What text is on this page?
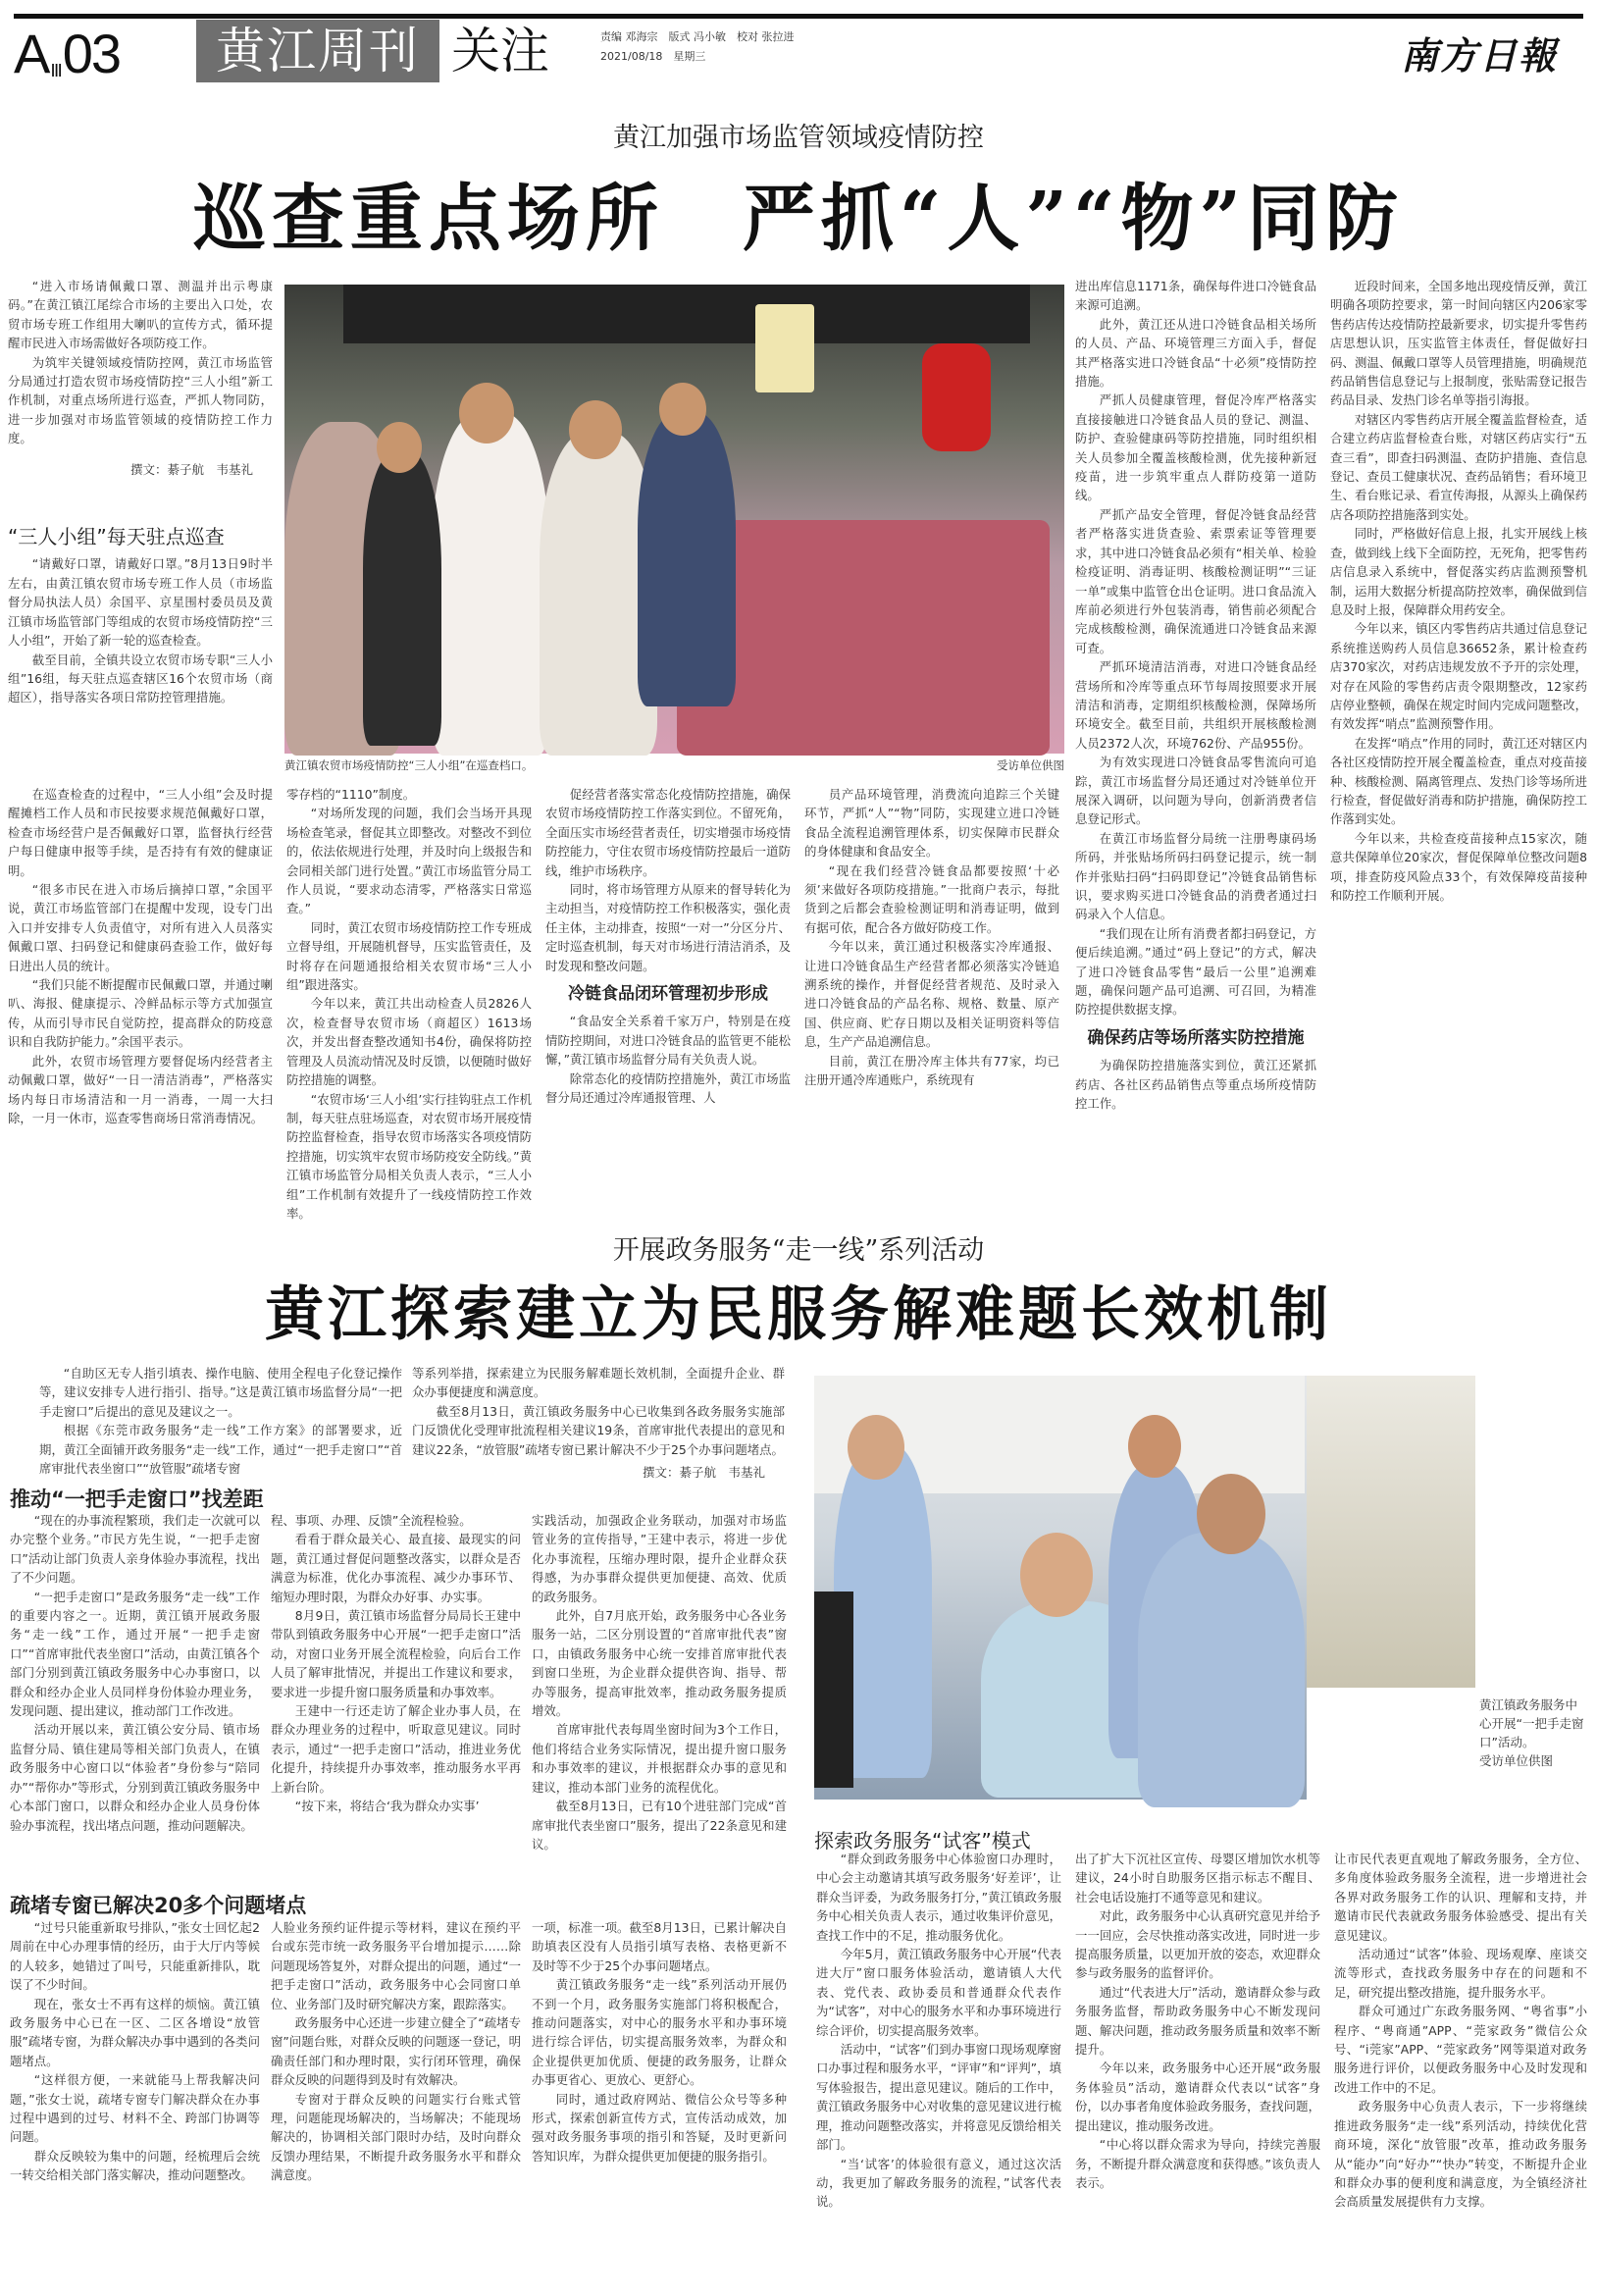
A Ⅲ03	黄江周刊 关注	责编 邓海宗　版式 冯小敏　校对 张拉进
2021/08/18　星期三	南方日報
黄江加强市场监管领域疫情防控
巡查重点场所　严抓“人”“物”同防

“进入市场请佩戴口罩、测温并出示粤康码。”在黄江镇江尾综合市场的主要出入口处，农贸市场专班工作组用大喇叭的宣传方式，循环提醒市民进入市场需做好各项防疫工作。

为筑牢关键领域疫情防控网，黄江市场监管分局通过打造农贸市场疫情防控“三人小组”新工作机制，对重点场所进行巡查，严抓人物同防，进一步加强对市场监管领域的疫情防控工作力度。

撰文：綦子航　韦基礼
“三人小组”每天驻点巡查

“请戴好口罩，请戴好口罩。”8月13日9时半左右，由黄江镇农贸市场专班工作人员（市场监督分局执法人员）余国平、京星围村委员员及黄江镇市场监管部门等组成的农贸市场疫情防控“三人小组”，开始了新一轮的巡查检查。

截至目前，全镇共设立农贸市场专职“三人小组”16组，每天驻点巡查辖区16个农贸市场（商超区），指导落实各项日常防控管理措施。

黄江镇农贸市场疫情防控“三人小组”在巡查档口。	受访单位供图

在巡查检查的过程中，“三人小组”会及时提醒摊档工作人员和市民按要求规范佩戴好口罩，检查市场经营户是否佩戴好口罩，监督执行经营户每日健康申报等手续，是否持有有效的健康证明。

“很多市民在进入市场后摘掉口罩，”余国平说，黄江市场监管部门在提醒中发现，设专门出入口并安排专人负责值守，对所有进入人员落实佩戴口罩、扫码登记和健康码查验工作，做好每日进出人员的统计。

“我们只能不断提醒市民佩戴口罩，并通过喇叭、海报、健康提示、冷鲜品标示等方式加强宣传，从而引导市民自觉防控，提高群众的防疫意识和自我防护能力。”余国平表示。

此外，农贸市场管理方要督促场内经营者主动佩戴口罩，做好“一日一清洁消毒”，严格落实场内每日市场清洁和一月一消毒，一周一大扫除，一月一休市，巡查零售商场日常消毒情况。

零存档的“1110”制度。

“对场所发现的问题，我们会当场开具现场检查笔录，督促其立即整改。对整改不到位的，依法依规进行处理，并及时向上级报告和会同相关部门进行处置。”黄江市场监管分局工作人员说，“要求动态清零，严格落实日常巡查。”

同时，黄江农贸市场疫情防控工作专班成立督导组，开展随机督导，压实监管责任，及时将存在问题通报给相关农贸市场“三人小组”跟进落实。

今年以来，黄江共出动检查人员2826人次，检查督导农贸市场（商超区）1613场次，并发出督查整改通知书4份，确保将防控管理及人员流动情况及时反馈，以便随时做好防控措施的调整。

“农贸市场‘三人小组’实行挂钩驻点工作机制，每天驻点驻场巡查，对农贸市场开展疫情防控监督检查，指导农贸市场落实各项疫情防控措施，切实筑牢农贸市场防疫安全防线。”黄江镇市场监管分局相关负责人表示，“三人小组”工作机制有效提升了一线疫情防控工作效率。

促经营者落实常态化疫情防控措施，确保农贸市场疫情防控工作落实到位。不留死角，全面压实市场经营者责任，切实增强市场疫情防控能力，守住农贸市场疫情防控最后一道防线，维护市场秩序。

同时，将市场管理方从原来的督导转化为主动担当，对疫情防控工作积极落实，强化责任主体，主动排查，按照“一对一”分区分片、定时巡查机制，每天对市场进行清洁消杀，及时发现和整改问题。

冷链食品闭环管理初步形成

“食品安全关系着千家万户，特别是在疫情防控期间，对进口冷链食品的监管更不能松懈，”黄江镇市场监督分局有关负责人说。

除常态化的疫情防控措施外，黄江市场监督分局还通过冷库通报管理、人

员产品环境管理，消费流向追踪三个关键环节，严抓“人”“物”同防，实现建立进口冷链食品全流程追溯管理体系，切实保障市民群众的身体健康和食品安全。

“现在我们经营冷链食品都要按照‘十必须’来做好各项防疫措施。”一批商户表示，每批货到之后都会查验检测证明和消毒证明，做到有据可依，配合各方做好防疫工作。

今年以来，黄江通过积极落实冷库通报、让进口冷链食品生产经营者都必须落实冷链追溯系统的操作，并督促经营者规范、及时录入进口冷链食品的产品名称、规格、数量、原产国、供应商、贮存日期以及相关证明资料等信息，生产产品追溯信息。

目前，黄江在册冷库主体共有77家，均已注册开通冷库通账户，系统现有

进出库信息1171条，确保每件进口冷链食品来源可追溯。

此外，黄江还从进口冷链食品相关场所的人员、产品、环境管理三方面入手，督促其严格落实进口冷链食品“十必须”疫情防控措施。

严抓人员健康管理，督促冷库严格落实直接接触进口冷链食品人员的登记、测温、防护、查验健康码等防控措施，同时组织相关人员参加全覆盖核酸检测，优先接种新冠疫苗，进一步筑牢重点人群防疫第一道防线。

严抓产品安全管理，督促冷链食品经营者严格落实进货查验、索票索证等管理要求，其中进口冷链食品必须有“相关单、检验检疫证明、消毒证明、核酸检测证明”“三证一单”或集中监管仓出仓证明。进口食品流入库前必须进行外包装消毒，销售前必须配合完成核酸检测，确保流通进口冷链食品来源可查。

严抓环境清洁消毒，对进口冷链食品经营场所和冷库等重点环节每周按照要求开展清洁和消毒，定期组织核酸检测，保障场所环境安全。截至目前，共组织开展核酸检测人员2372人次，环境762份、产品955份。

为有效实现进口冷链食品零售流向可追踪，黄江市场监督分局还通过对冷链单位开展深入调研，以问题为导向，创新消费者信息登记形式。

在黄江市场监督分局统一注册粤康码场所码，并张贴场所码扫码登记提示，统一制作并张贴扫码“扫码即登记”冷链食品销售标识，要求购买进口冷链食品的消费者通过扫码录入个人信息。

“我们现在让所有消费者都扫码登记，方便后续追溯。”通过“码上登记”的方式，解决了进口冷链食品零售“最后一公里”追溯难题，确保问题产品可追溯、可召回，为精准防控提供数据支撑。

确保药店等场所落实防控措施

为确保防控措施落实到位，黄江还紧抓药店、各社区药品销售点等重点场所疫情防控工作。

近段时间来，全国多地出现疫情反弹，黄江明确各项防控要求，第一时间向辖区内206家零售药店传达疫情防控最新要求，切实提升零售药店思想认识，压实监管主体责任，督促做好扫码、测温、佩戴口罩等人员管理措施，明确规范药品销售信息登记与上报制度，张贴需登记报告药品目录、发热门诊名单等指引海报。

对辖区内零售药店开展全覆盖监督检查，适合建立药店监督检查台账，对辖区药店实行“五查三看”，即查扫码测温、查防护措施、查信息登记、查员工健康状况、查药品销售；看环境卫生、看台账记录、看宣传海报，从源头上确保药店各项防控措施落到实处。

同时，严格做好信息上报，扎实开展线上核查，做到线上线下全面防控，无死角，把零售药店信息录入系统中，督促落实药店监测预警机制，运用大数据分析提高防控效率，确保做到信息及时上报，保障群众用药安全。

今年以来，镇区内零售药店共通过信息登记系统推送购药人员信息36652条，累计检查药店370家次，对药店违规发放不予开的宗处理，对存在风险的零售药店责令限期整改，12家药店停业整顿，确保在规定时间内完成问题整改，有效发挥“哨点”监测预警作用。

在发挥“哨点”作用的同时，黄江还对辖区内各社区疫情防控开展全覆盖检查，重点对疫苗接种、核酸检测、隔离管理点、发热门诊等场所进行检查，督促做好消毒和防护措施，确保防控工作落到实处。

今年以来，共检查疫苗接种点15家次，随意共保障单位20家次，督促保障单位整改问题8项，排查防疫风险点33个，有效保障疫苗接种和防控工作顺利开展。

开展政务服务“走一线”系列活动
黄江探索建立为民服务解难题长效机制

“自助区无专人指引填表、操作电脑、使用全程电子化登记操作等，建议安排专人进行指引、指导。”这是黄江镇市场监督分局“一把手走窗口”后提出的意见及建议之一。

根据《东莞市政务服务“走一线”工作方案》的部署要求，近期，黄江全面铺开政务服务“走一线”工作，通过“一把手走窗口”“首席审批代表坐窗口”“放管服”疏堵专窗

等系列举措，探索建立为民服务解难题长效机制，全面提升企业、群众办事便捷度和满意度。

截至8月13日，黄江镇政务服务中心已收集到各政务服务实施部门反馈优化受理审批流程相关建议19条，首席审批代表提出的意见和建议22条，“放管服”疏堵专窗已累计解决不少于25个办事问题堵点。

撰文：綦子航　韦基礼
推动“一把手走窗口”找差距
黄江镇政务服务中心开展“一把手走窗口”活动。
受访单位供图

“现在的办事流程繁琐，我们走一次就可以办完整个业务。”市民方先生说，“一把手走窗口”活动让部门负责人亲身体验办事流程，找出了不少问题。

“一把手走窗口”是政务服务“走一线”工作的重要内容之一。近期，黄江镇开展政务服务“走一线”工作，通过开展“一把手走窗口”“首席审批代表坐窗口”活动，由黄江镇各个部门分别到黄江镇政务服务中心办事窗口，以群众和经办企业人员同样身份体验办理业务，发现问题、提出建议，推动部门工作改进。

活动开展以来，黄江镇公安分局、镇市场监督分局、镇住建局等相关部门负责人，在镇政务服务中心窗口以“体验者”身份参与“陪同办”“帮你办”等形式，分别到黄江镇政务服务中心本部门窗口，以群众和经办企业人员身份体验办事流程，找出堵点问题，推动问题解决。

程、事项、办理、反馈”全流程检验。

看看于群众最关心、最直接、最现实的问题，黄江通过督促问题整改落实，以群众是否满意为标准，优化办事流程、减少办事环节、缩短办理时限，为群众办好事、办实事。

8月9日，黄江镇市场监督分局局长王建中带队到镇政务服务中心开展“一把手走窗口”活动，对窗口业务开展全流程检验，向后台工作人员了解审批情况，并提出工作建议和要求，要求进一步提升窗口服务质量和办事效率。

王建中一行还走访了解企业办事人员，在群众办理业务的过程中，听取意见建议。同时表示，通过“一把手走窗口”活动，推进业务优化提升，持续提升办事效率，推动服务水平再上新台阶。

“按下来，将结合‘我为群众办实事’

实践活动，加强政企业务联动，加强对市场监管业务的宣传指导，”王建中表示，将进一步优化办事流程，压缩办理时限，提升企业群众获得感，为办事群众提供更加便捷、高效、优质的政务服务。

此外，自7月底开始，政务服务中心各业务服务一站，二区分別设置的“首席审批代表”窗口，由镇政务服务中心统一安排首席审批代表到窗口坐班，为企业群众提供咨询、指导、帮办等服务，提高审批效率，推动政务服务提质增效。

首席审批代表每周坐窗时间为3个工作日，他们将结合业务实际情况，提出提升窗口服务和办事效率的建议，并根据群众办事的意见和建议，推动本部门业务的流程优化。

截至8月13日，已有10个进驻部门完成“首席审批代表坐窗口”服务，提出了22条意见和建议。

疏堵专窗已解决20多个问题堵点

“过号只能重新取号排队，”张女士回忆起2周前在中心办理事情的经历，由于大厅内等候的人较多，她错过了叫号，只能重新排队，耽误了不少时间。

现在，张女士不再有这样的烦恼。黄江镇政务服务中心已在一区、二区各增设“放管服”疏堵专窗，为群众解决办事中遇到的各类问题堵点。

“这样很方便，一来就能马上帮我解决问题，”张女士说，疏堵专窗专门解决群众在办事过程中遇到的过号、材料不全、跨部门协调等问题。

群众反映较为集中的问题，经梳理后会统一转交给相关部门落实解决，推动问题整改。

人脸业务预约证件提示等材料，建议在预约平台或东莞市统一政务服务平台增加提示……除问题现场答复外，对群众提出的问题，通过“一把手走窗口”活动，政务服务中心会同窗口单位、业务部门及时研究解决方案，跟踪落实。

政务服务中心还进一步建立健全了“疏堵专窗”问题台账，对群众反映的问题逐一登记，明确责任部门和办理时限，实行闭环管理，确保群众反映的问题得到及时有效解决。

专窗对于群众反映的问题实行台账式管理，问题能现场解决的，当场解决；不能现场解决的，协调相关部门限时办结，及时向群众反馈办理结果，不断提升政务服务水平和群众满意度。

一项，标准一项。截至8月13日，已累计解决自助填表区没有人员指引填写表格、表格更新不及时等不少于25个办事问题堵点。

黄江镇政务服务“走一线”系列活动开展仍不到一个月，政务服务实施部门将积极配合，推动问题落实，对中心的服务水平和办事环境进行综合评估，切实提高服务效率，为群众和企业提供更加优质、便捷的政务服务，让群众办事更省心、更放心、更舒心。

同时，通过政府网站、微信公众号等多种形式，探索创新宣传方式，宣传活动成效，加强对政务服务事项的指引和答疑，及时更新问答知识库，为群众提供更加便捷的服务指引。

探索政务服务“试客”模式

“群众到政务服务中心体验窗口办理时，中心会主动邀请其填写政务服务‘好差评’，让群众当评委，为政务服务打分，”黄江镇政务服务中心相关负责人表示，通过收集评价意见，查找工作中的不足，推动服务优化。

今年5月，黄江镇政务服务中心开展“代表进大厅”窗口服务体验活动，邀请镇人大代表、党代表、政协委员和普通群众代表作为“试客”，对中心的服务水平和办事环境进行综合评价，切实提高服务效率。

活动中，“试客”们到办事窗口现场观摩窗口办事过程和服务水平，“评审”和“评判”，填写体验报告，提出意见建议。随后的工作中，黄江镇政务服务中心对收集的意见建议进行梳理，推动问题整改落实，并将意见反馈给相关部门。

“当‘试客’的体验很有意义，通过这次活动，我更加了解政务服务的流程，”试客代表说。

出了扩大下沉社区宣传、母婴区增加饮水机等建议，24小时自助服务区指示标志不醒目、社会电话设施打不通等意见和建议。

对此，政务服务中心认真研究意见并给予一一回应，会尽快推动落实改进，同时进一步提高服务质量，以更加开放的姿态，欢迎群众参与政务服务的监督评价。

通过“代表进大厅”活动，邀请群众参与政务服务监督，帮助政务服务中心不断发现问题、解决问题，推动政务服务质量和效率不断提升。

今年以来，政务服务中心还开展“政务服务体验员”活动，邀请群众代表以“试客”身份，以办事者角度体验政务服务，查找问题，提出建议，推动服务改进。

“中心将以群众需求为导向，持续完善服务，不断提升群众满意度和获得感。”该负责人表示。

让市民代表更直观地了解政务服务，全方位、多角度体验政务服务全流程，进一步增进社会各界对政务服务工作的认识、理解和支持，并邀请市民代表就政务服务体验感受、提出有关意见建议。

活动通过“试客”体验、现场观摩、座谈交流等形式，查找政务服务中存在的问题和不足，研究提出整改措施，提升服务水平。

群众可通过广东政务服务网、“粤省事”小程序、“粤商通”APP、“莞家政务”微信公众号、“i莞家”APP、“莞家政务”网等渠道对政务服务进行评价，以便政务服务中心及时发现和改进工作中的不足。

政务服务中心负责人表示，下一步将继续推进政务服务“走一线”系列活动，持续优化营商环境，深化“放管服”改革，推动政务服务从“能办”向“好办”“快办”转变，不断提升企业和群众办事的便利度和满意度，为全镇经济社会高质量发展提供有力支撑。
